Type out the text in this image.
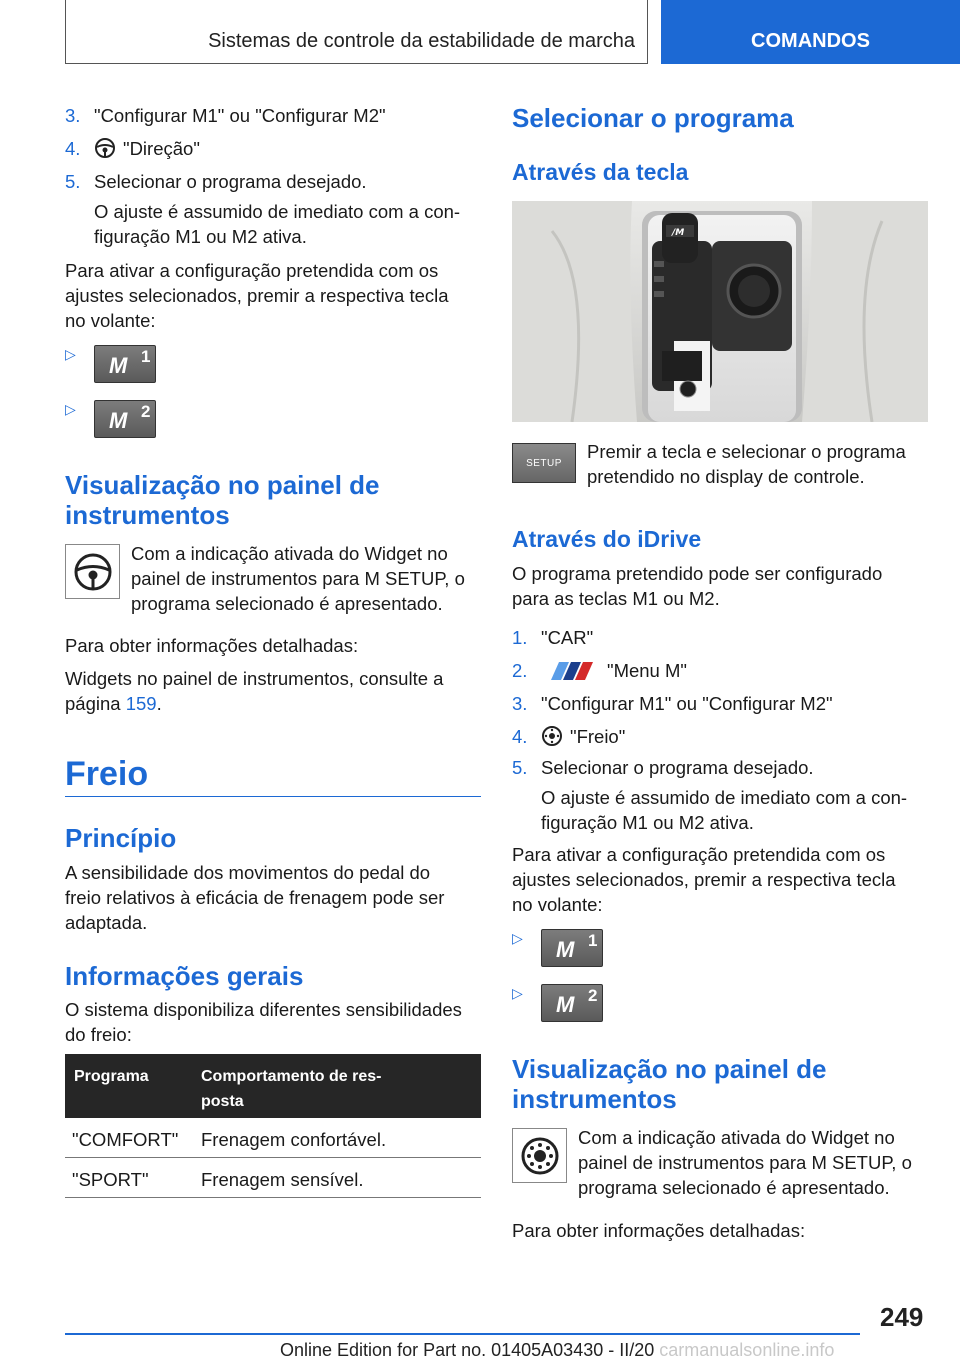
Sistemas de controle da estabilidade de marcha	COMANDOS
3. "Configurar M1" ou "Configurar M2"
4.	"Direção"
5. Selecionar o programa desejado.
O ajuste é assumido de imediato com a con-
figuração M1 ou M2 ativa.
Para ativar a configuração pretendida com os
ajustes selecionados, premir a respectiva tecla
no volante:
▷ M 1
▷ M 2
Visualização no painel de
instrumentos
Com a indicação ativada do Widget no
painel de instrumentos para M SETUP, o
programa selecionado é apresentado.
Para obter informações detalhadas:
Widgets no painel de instrumentos, consulte a
página 159.
Freio
Princípio
A sensibilidade dos movimentos do pedal do
freio relativos à eficácia de frenagem pode ser
adaptada.
Informações gerais
O sistema disponibiliza diferentes sensibilidades
do freio:
Programa	Comportamento de res-
posta
"COMFORT" Frenagem confortável.
"SPORT"	Frenagem sensível.
Selecionar o programa
Através da tecla
/M
SETUP
Premir a tecla e selecionar o programa
pretendido no display de controle.
Através do iDrive
O programa pretendido pode ser configurado
para as teclas M1 ou M2.
1. "CAR"
2.	"Menu M"
3. "Configurar M1" ou "Configurar M2"
4.	"Freio"
5. Selecionar o programa desejado.
O ajuste é assumido de imediato com a con-
figuração M1 ou M2 ativa.
Para ativar a configuração pretendida com os
ajustes selecionados, premir a respectiva tecla
no volante:
▷ M 1
▷ M 2
Visualização no painel de
instrumentos
Com a indicação ativada do Widget no
painel de instrumentos para M SETUP, o
programa selecionado é apresentado.
Para obter informações detalhadas:
249
Online Edition for Part no. 01405A03430 - II/20 carmanualsonline.info
